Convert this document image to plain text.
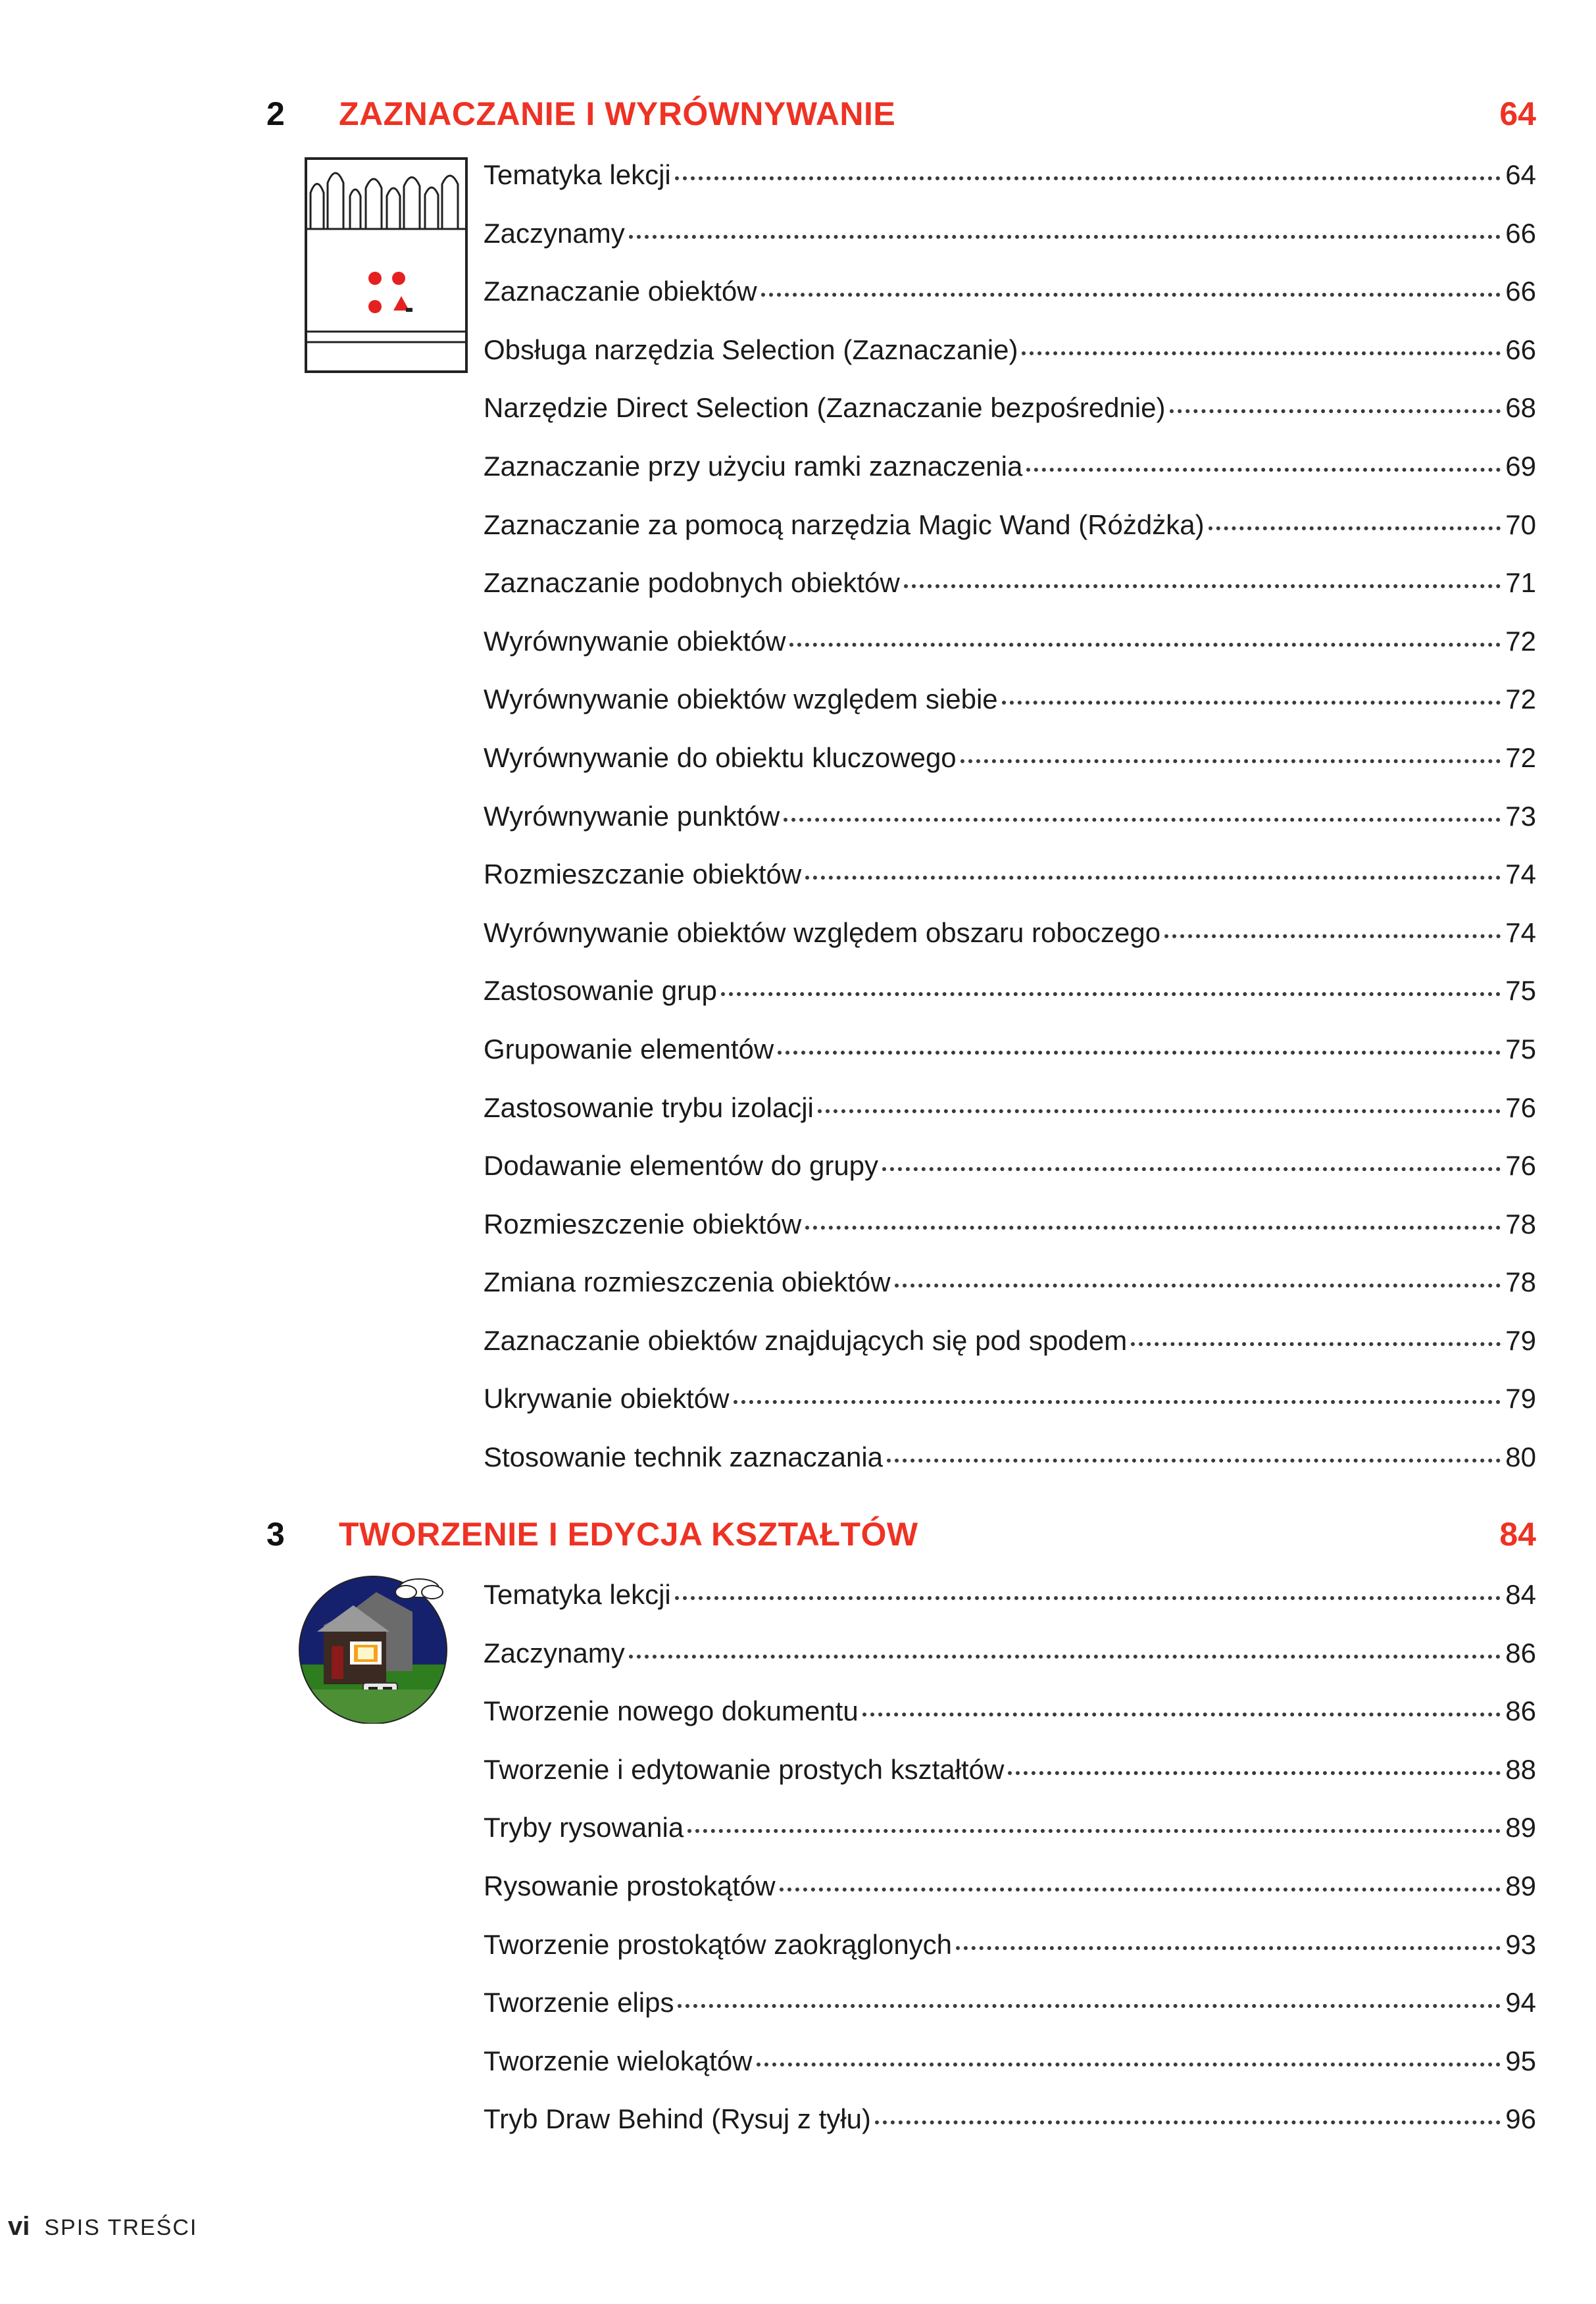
2	ZAZNACZANIE I WYRÓWNYWANIE	64
Tematyka lekcji	64
Zaczynamy	66
Zaznaczanie obiektów	66
Obsługa narzędzia Selection (Zaznaczanie)	66
Narzędzie Direct Selection (Zaznaczanie bezpośrednie)	68
Zaznaczanie przy użyciu ramki zaznaczenia	69
Zaznaczanie za pomocą narzędzia Magic Wand (Różdżka)	70
Zaznaczanie podobnych obiektów	71
Wyrównywanie obiektów	72
Wyrównywanie obiektów względem siebie	72
Wyrównywanie do obiektu kluczowego	72
Wyrównywanie punktów	73
Rozmieszczanie obiektów	74
Wyrównywanie obiektów względem obszaru roboczego	74
Zastosowanie grup	75
Grupowanie elementów	75
Zastosowanie trybu izolacji	76
Dodawanie elementów do grupy	76
Rozmieszczenie obiektów	78
Zmiana rozmieszczenia obiektów	78
Zaznaczanie obiektów znajdujących się pod spodem	79
Ukrywanie obiektów	79
Stosowanie technik zaznaczania	80
3	TWORZENIE I EDYCJA KSZTAŁTÓW	84
Tematyka lekcji	84
Zaczynamy	86
Tworzenie nowego dokumentu	86
Tworzenie i edytowanie prostych kształtów	88
Tryby rysowania	89
Rysowanie prostokątów	89
Tworzenie prostokątów zaokrąglonych	93
Tworzenie elips	94
Tworzenie wielokątów	95
Tryb Draw Behind (Rysuj z tyłu)	96
vi SPIS TREŚCI
